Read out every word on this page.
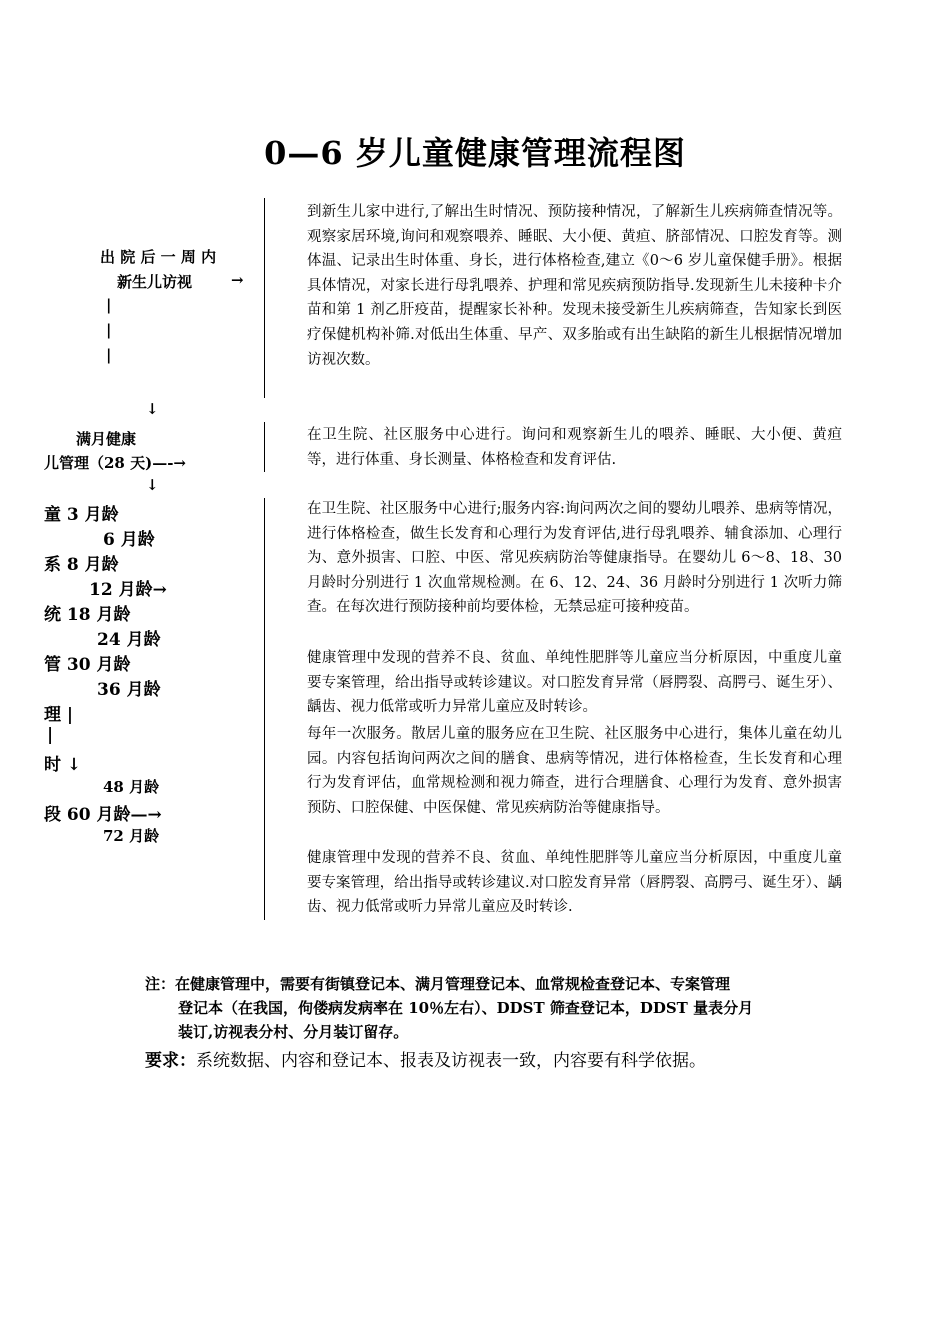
0—6 岁儿童健康管理流程图
出 院 后 一 周 内
新生儿访视	→
|
|
|
↓
满月健康
儿管理（28 天)—-→
↓
童 3 月龄
6 月龄
系 8 月龄
12 月龄→
统 18 月龄
24 月龄
管 30 月龄
36 月龄
理 |
|
时 ↓
48 月龄
段 60 月龄—→
72 月龄
到新生儿家中进行,了解出生时情况、预防接种情况，了解新生儿疾病筛查情况等。观察家居环境,询问和观察喂养、睡眠、大小便、黄疸、脐部情况、口腔发育等。测体温、记录出生时体重、身长，进行体格检查,建立《0～6 岁儿童保健手册》。根据具体情况，对家长进行母乳喂养、护理和常见疾病预防指导.发现新生儿未接种卡介苗和第 1 剂乙肝疫苗，提醒家长补种。发现未接受新生儿疾病筛查，告知家长到医疗保健机构补筛.对低出生体重、早产、双多胎或有出生缺陷的新生儿根据情况增加访视次数。
在卫生院、社区服务中心进行。询问和观察新生儿的喂养、睡眠、大小便、黄疸等，进行体重、身长测量、体格检查和发育评估.
在卫生院、社区服务中心进行;服务内容:询问两次之间的婴幼儿喂养、患病等情况，进行体格检查，做生长发育和心理行为发育评估,进行母乳喂养、辅食添加、心理行为、意外损害、口腔、中医、常见疾病防治等健康指导。在婴幼儿 6～8、18、30 月龄时分别进行 1 次血常规检测。在 6、12、24、36 月龄时分别进行 1 次听力筛查。在每次进行预防接种前均要体检，无禁忌症可接种疫苗。
健康管理中发现的营养不良、贫血、单纯性肥胖等儿童应当分析原因，中重度儿童要专案管理，给出指导或转诊建议。对口腔发育异常（唇腭裂、高腭弓、诞生牙）、龋齿、视力低常或听力异常儿童应及时转诊。
每年一次服务。散居儿童的服务应在卫生院、社区服务中心进行，集体儿童在幼儿园。内容包括询问两次之间的膳食、患病等情况，进行体格检查，生长发育和心理行为发育评估，血常规检测和视力筛查，进行合理膳食、心理行为发育、意外损害预防、口腔保健、中医保健、常见疾病防治等健康指导。
健康管理中发现的营养不良、贫血、单纯性肥胖等儿童应当分析原因，中重度儿童要专案管理，给出指导或转诊建议.对口腔发育异常（唇腭裂、高腭弓、诞生牙）、龋齿、视力低常或听力异常儿童应及时转诊.
注：在健康管理中，需要有街镇登记本、满月管理登记本、血常规检查登记本、专案管理
登记本（在我国，佝偻病发病率在 10％左右）、DDST 筛查登记本，DDST 量表分月
装订,访视表分村、分月装订留存。
要求：系统数据、内容和登记本、报表及访视表一致，内容要有科学依据。
